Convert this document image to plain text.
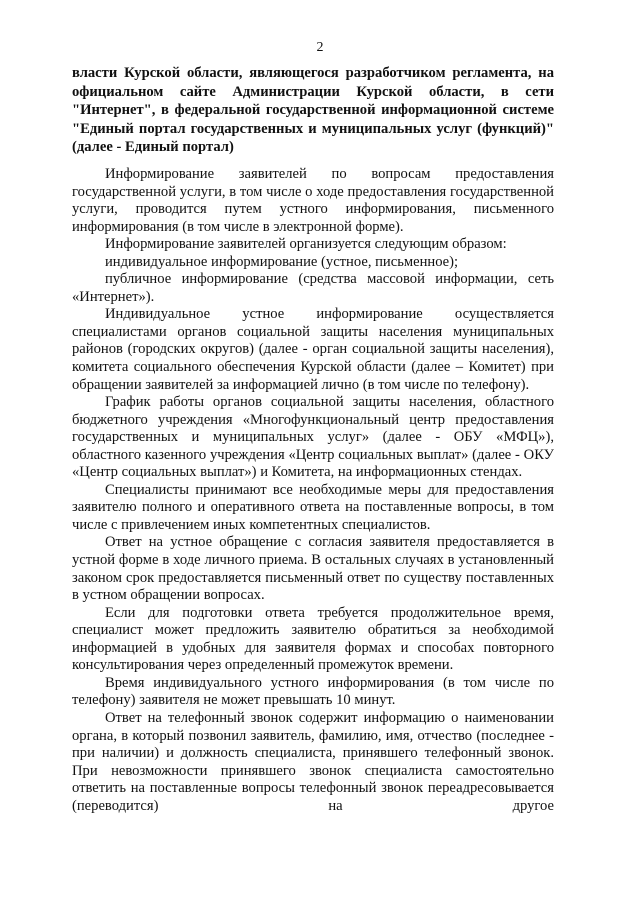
2
власти Курской области, являющегося разработчиком регламента, на официальном сайте Администрации Курской области, в сети "Интернет", в федеральной государственной информационной системе "Единый портал государственных и муниципальных услуг (функций)" (далее - Единый портал)

Информирование заявителей по вопросам предоставления государственной услуги, в том числе о ходе предоставления государственной услуги, проводится путем устного информирования, письменного информирования (в том числе в электронной форме).

Информирование заявителей организуется следующим образом:

индивидуальное информирование (устное, письменное);

публичное информирование (средства массовой информации, сеть «Интернет»).

Индивидуальное устное информирование осуществляется специалистами органов социальной защиты населения муниципальных районов (городских округов) (далее - орган социальной защиты населения), комитета социального обеспечения Курской области (далее – Комитет) при обращении заявителей за информацией лично (в том числе по телефону).

График работы органов социальной защиты населения, областного бюджетного учреждения «Многофункциональный центр предоставления государственных и муниципальных услуг» (далее - ОБУ «МФЦ»), областного казенного учреждения «Центр социальных выплат» (далее - ОКУ «Центр социальных выплат») и Комитета, на информационных стендах.

Специалисты принимают все необходимые меры для предоставления заявителю полного и оперативного ответа на поставленные вопросы, в том числе с привлечением иных компетентных специалистов.

Ответ на устное обращение с согласия заявителя предоставляется в устной форме в ходе личного приема. В остальных случаях в установленный законом срок предоставляется письменный ответ по существу поставленных в устном обращении вопросах.

Если для подготовки ответа требуется продолжительное время, специалист может предложить заявителю обратиться за необходимой информацией в удобных для заявителя формах и способах повторного консультирования через определенный промежуток времени.

Время индивидуального устного информирования (в том числе по телефону) заявителя не может превышать 10 минут.

Ответ на телефонный звонок содержит информацию о наименовании органа, в который позвонил заявитель, фамилию, имя, отчество (последнее - при наличии) и должность специалиста, принявшего телефонный звонок. При невозможности принявшего звонок специалиста самостоятельно ответить на поставленные вопросы телефонный звонок переадресовывается (переводится) на другое
